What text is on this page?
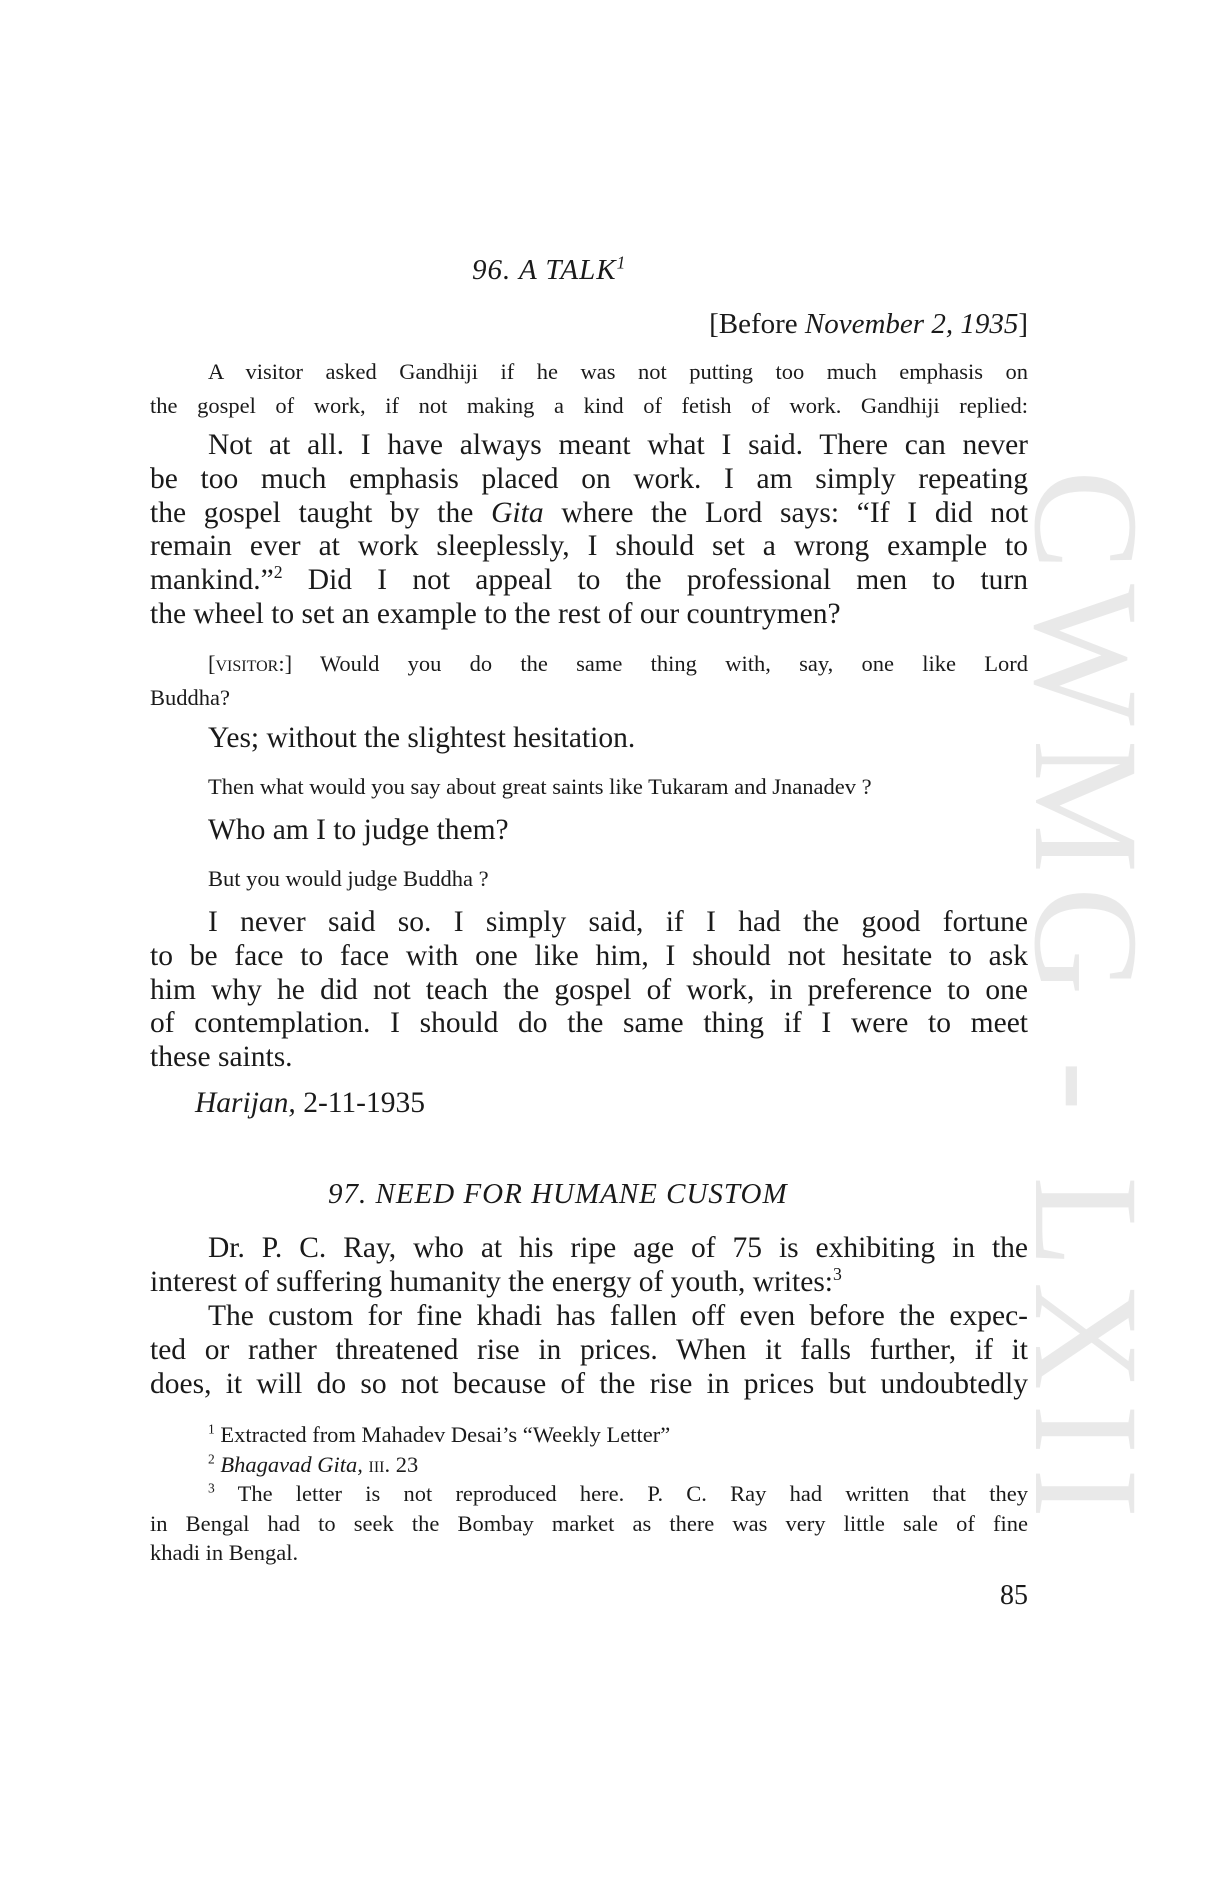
CWMG - LXII
96. A TALK$^1$
[Before November 2, 1935]
A visitor asked Gandhiji if he was not putting too much emphasis on
the gospel of work, if not making a kind of fetish of work. Gandhiji replied:
Not at all. I have always meant what I said. There can never
be too much emphasis placed on work. I am simply repeating
the gospel taught by the Gita where the Lord says: “If I did not
remain ever at work sleeplessly, I should set a wrong example to
mankind.”$^2$ Did I not appeal to the professional men to turn
the wheel to set an example to the rest of our countrymen?
[visitor:] Would you do the same thing with, say, one like Lord
Buddha?
Yes; without the slightest hesitation.
Then what would you say about great saints like Tukaram and Jnanadev ?
Who am I to judge them?
But you would judge Buddha ?
I never said so. I simply said, if I had the good fortune
to be face to face with one like him, I should not hesitate to ask
him why he did not teach the gospel of work, in preference to one
of contemplation. I should do the same thing if I were to meet
these saints.
Harijan, 2-11-1935
97. NEED FOR HUMANE CUSTOM
Dr. P. C. Ray, who at his ripe age of 75 is exhibiting in the
interest of suffering humanity the energy of youth, writes:$^3$
The custom for fine khadi has fallen off even before the expec-
ted or rather threatened rise in prices. When it falls further, if it
does, it will do so not because of the rise in prices but undoubtedly
$^1$ Extracted from Mahadev Desai’s “Weekly Letter”
$^2$ Bhagavad Gita, iii. 23
$^3$ The letter is not reproduced here. P. C. Ray had written that they
in Bengal had to seek the Bombay market as there was very little sale of fine
khadi in Bengal.
85
